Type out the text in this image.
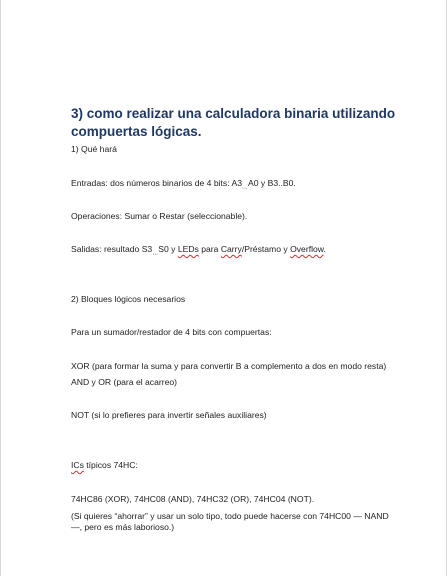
3) como realizar una calculadora binaria utilizando compuertas lógicas.
1) Qué hará
Entradas: dos números binarios de 4 bits: $A3_\dots A0$ y B3..B0.
Operaciones: Sumar o Restar (seleccionable).
Salidas: resultado $S3_\dots S0$ y LEDs para Carry/Préstamo y Overflow.
2) Bloques lógicos necesarios
Para un sumador/restador de 4 bits con compuertas:
XOR (para formar la suma y para convertir B a complemento a dos en modo resta)
AND y OR (para el acarreo)
NOT (si lo prefieres para invertir señales auxiliares)
ICs típicos 74HC:
74HC86 (XOR), 74HC08 (AND), 74HC32 (OR), 74HC04 (NOT).
(Si quieres “ahorrar” y usar un solo tipo, todo puede hacerse con 74HC00 — NAND—, pero es más laborioso.)
